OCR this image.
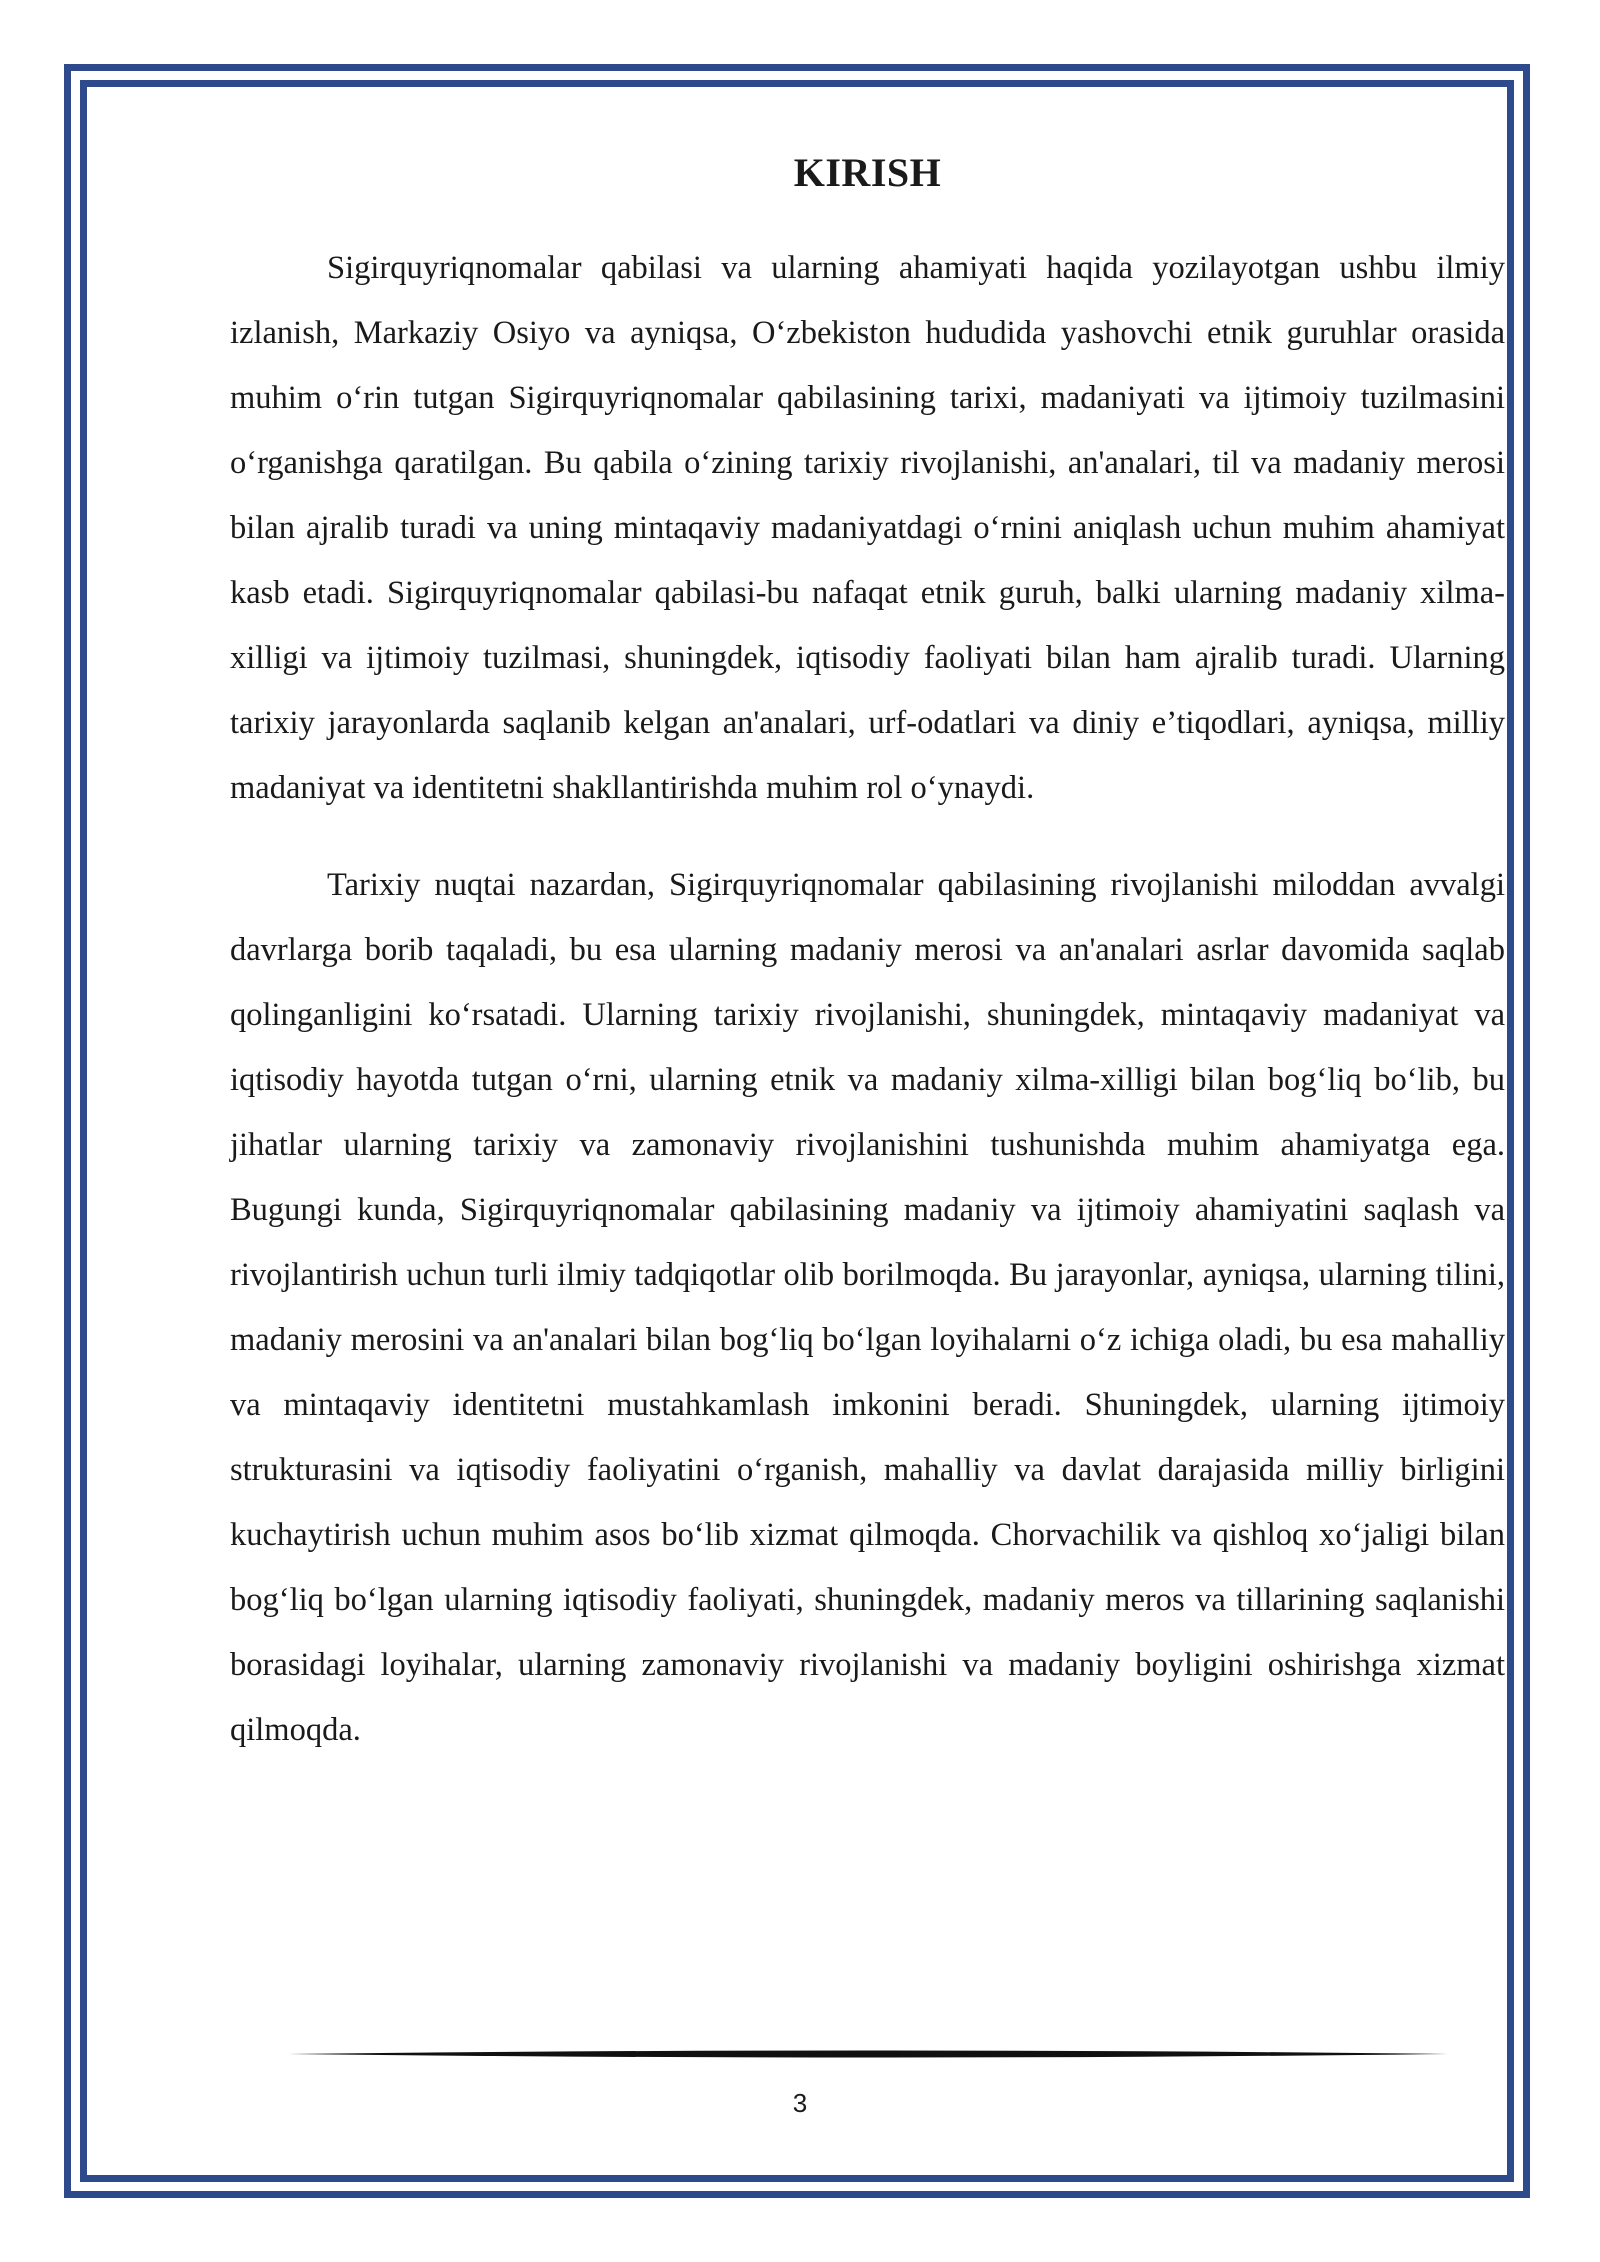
KIRISH

Sigirquyriqnomalar qabilasi va ularning ahamiyati haqida yozilayotgan ushbu ilmiy izlanish, Markaziy Osiyo va ayniqsa, O‘zbekiston hududida yashovchi etnik guruhlar orasida muhim o‘rin tutgan Sigirquyriqnomalar qabilasining tarixi, madaniyati va ijtimoiy tuzilmasini o‘rganishga qaratilgan. Bu qabila o‘zining tarixiy rivojlanishi, an'analari, til va madaniy merosi bilan ajralib turadi va uning mintaqaviy madaniyatdagi o‘rnini aniqlash uchun muhim ahamiyat kasb etadi. Sigirquyriqnomalar qabilasi-bu nafaqat etnik guruh, balki ularning madaniy xilma-xilligi va ijtimoiy tuzilmasi, shuningdek, iqtisodiy faoliyati bilan ham ajralib turadi. Ularning tarixiy jarayonlarda saqlanib kelgan an'analari, urf-odatlari va diniy e’tiqodlari, ayniqsa, milliy madaniyat va identitetni shakllantirishda muhim rol o‘ynaydi.

Tarixiy nuqtai nazardan, Sigirquyriqnomalar qabilasining rivojlanishi miloddan avvalgi davrlarga borib taqaladi, bu esa ularning madaniy merosi va an'analari asrlar davomida saqlab qolinganligini ko‘rsatadi. Ularning tarixiy rivojlanishi, shuningdek, mintaqaviy madaniyat va iqtisodiy hayotda tutgan o‘rni, ularning etnik va madaniy xilma-xilligi bilan bog‘liq bo‘lib, bu jihatlar ularning tarixiy va zamonaviy rivojlanishini tushunishda muhim ahamiyatga ega. Bugungi kunda, Sigirquyriqnomalar qabilasining madaniy va ijtimoiy ahamiyatini saqlash va rivojlantirish uchun turli ilmiy tadqiqotlar olib borilmoqda. Bu jarayonlar, ayniqsa, ularning tilini, madaniy merosini va an'analari bilan bog‘liq bo‘lgan loyihalarni o‘z ichiga oladi, bu esa mahalliy va mintaqaviy identitetni mustahkamlash imkonini beradi. Shuningdek, ularning ijtimoiy strukturasini va iqtisodiy faoliyatini o‘rganish, mahalliy va davlat darajasida milliy birligini kuchaytirish uchun muhim asos bo‘lib xizmat qilmoqda. Chorvachilik va qishloq xo‘jaligi bilan bog‘liq bo‘lgan ularning iqtisodiy faoliyati, shuningdek, madaniy meros va tillarining saqlanishi borasidagi loyihalar, ularning zamonaviy rivojlanishi va madaniy boyligini oshirishga xizmat qilmoqda.

3
